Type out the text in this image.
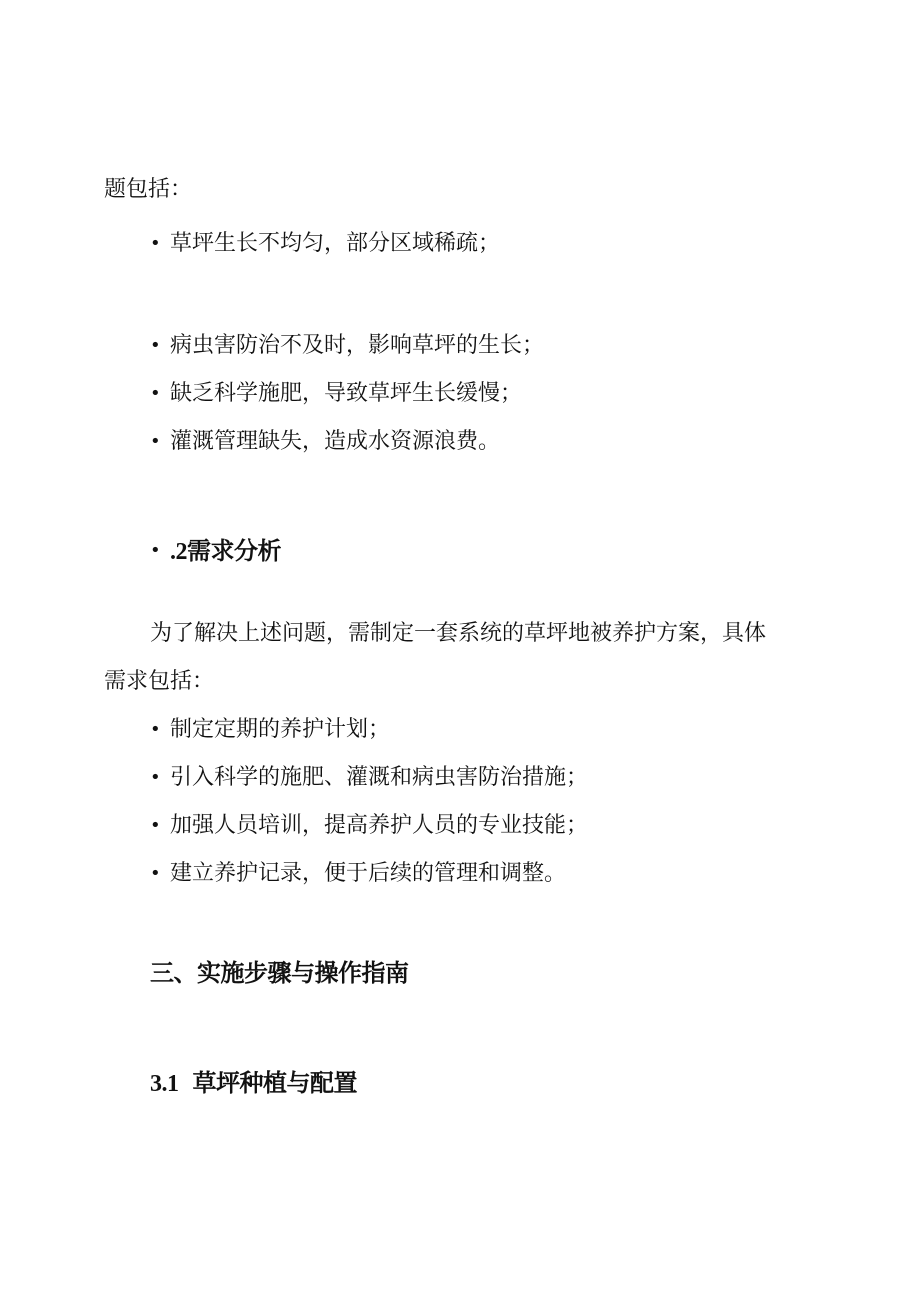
题包括：
• 草坪生长不均匀，部分区域稀疏；
• 病虫害防治不及时，影响草坪的生长；
• 缺乏科学施肥，导致草坪生长缓慢；
• 灌溉管理缺失，造成水资源浪费。
• .2需求分析
为了解决上述问题，需制定一套系统的草坪地被养护方案，具体
需求包括：
• 制定定期的养护计划；
• 引入科学的施肥、灌溉和病虫害防治措施；
• 加强人员培训，提高养护人员的专业技能；
• 建立养护记录，便于后续的管理和调整。
三、实施步骤与操作指南
3.1 草坪种植与配置
